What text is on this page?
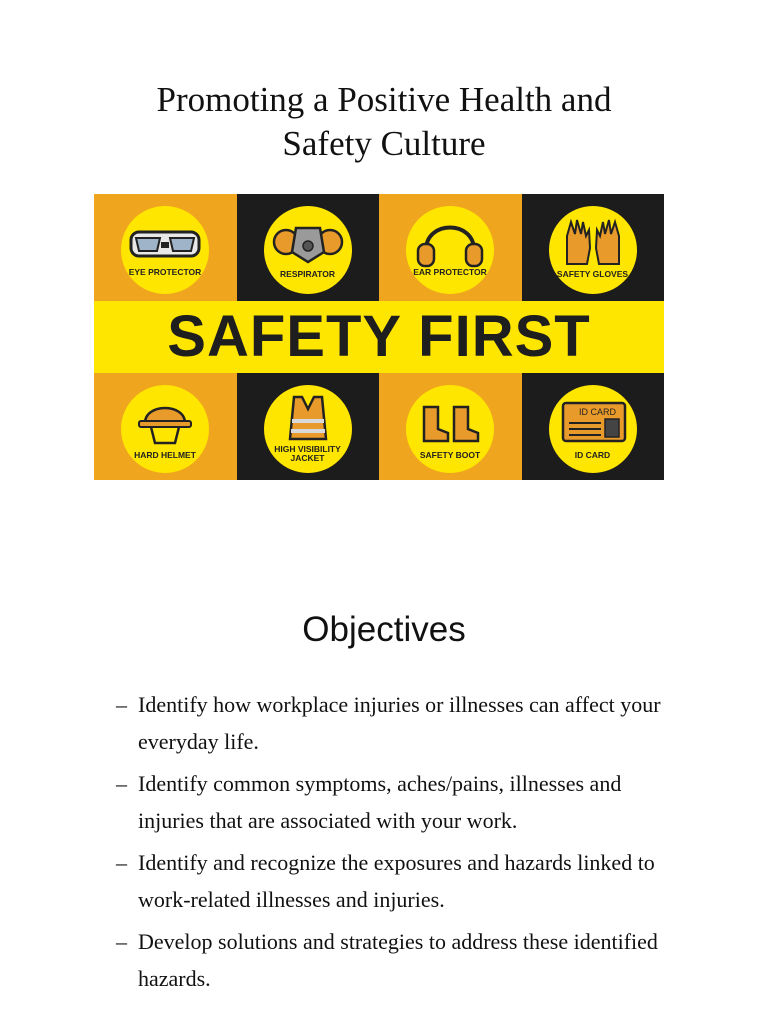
Promoting a Positive Health and
Safety Culture
EYE PROTECTOR	RESPIRATOR	EAR PROTECTOR	SAFETY GLOVES
SAFETY FIRST
HARD HELMET
HIGH VISIBILITY
JACKET	SAFETY BOOT
ID CARD
ID CARD
Objectives
– Identify how workplace injuries or illnesses can affect your everyday life.
– Identify common symptoms, aches/pains, illnesses and injuries that are associated with your work.
– Identify and recognize the exposures and hazards linked to work-related illnesses and injuries.
– Develop solutions and strategies to address these identified hazards.
